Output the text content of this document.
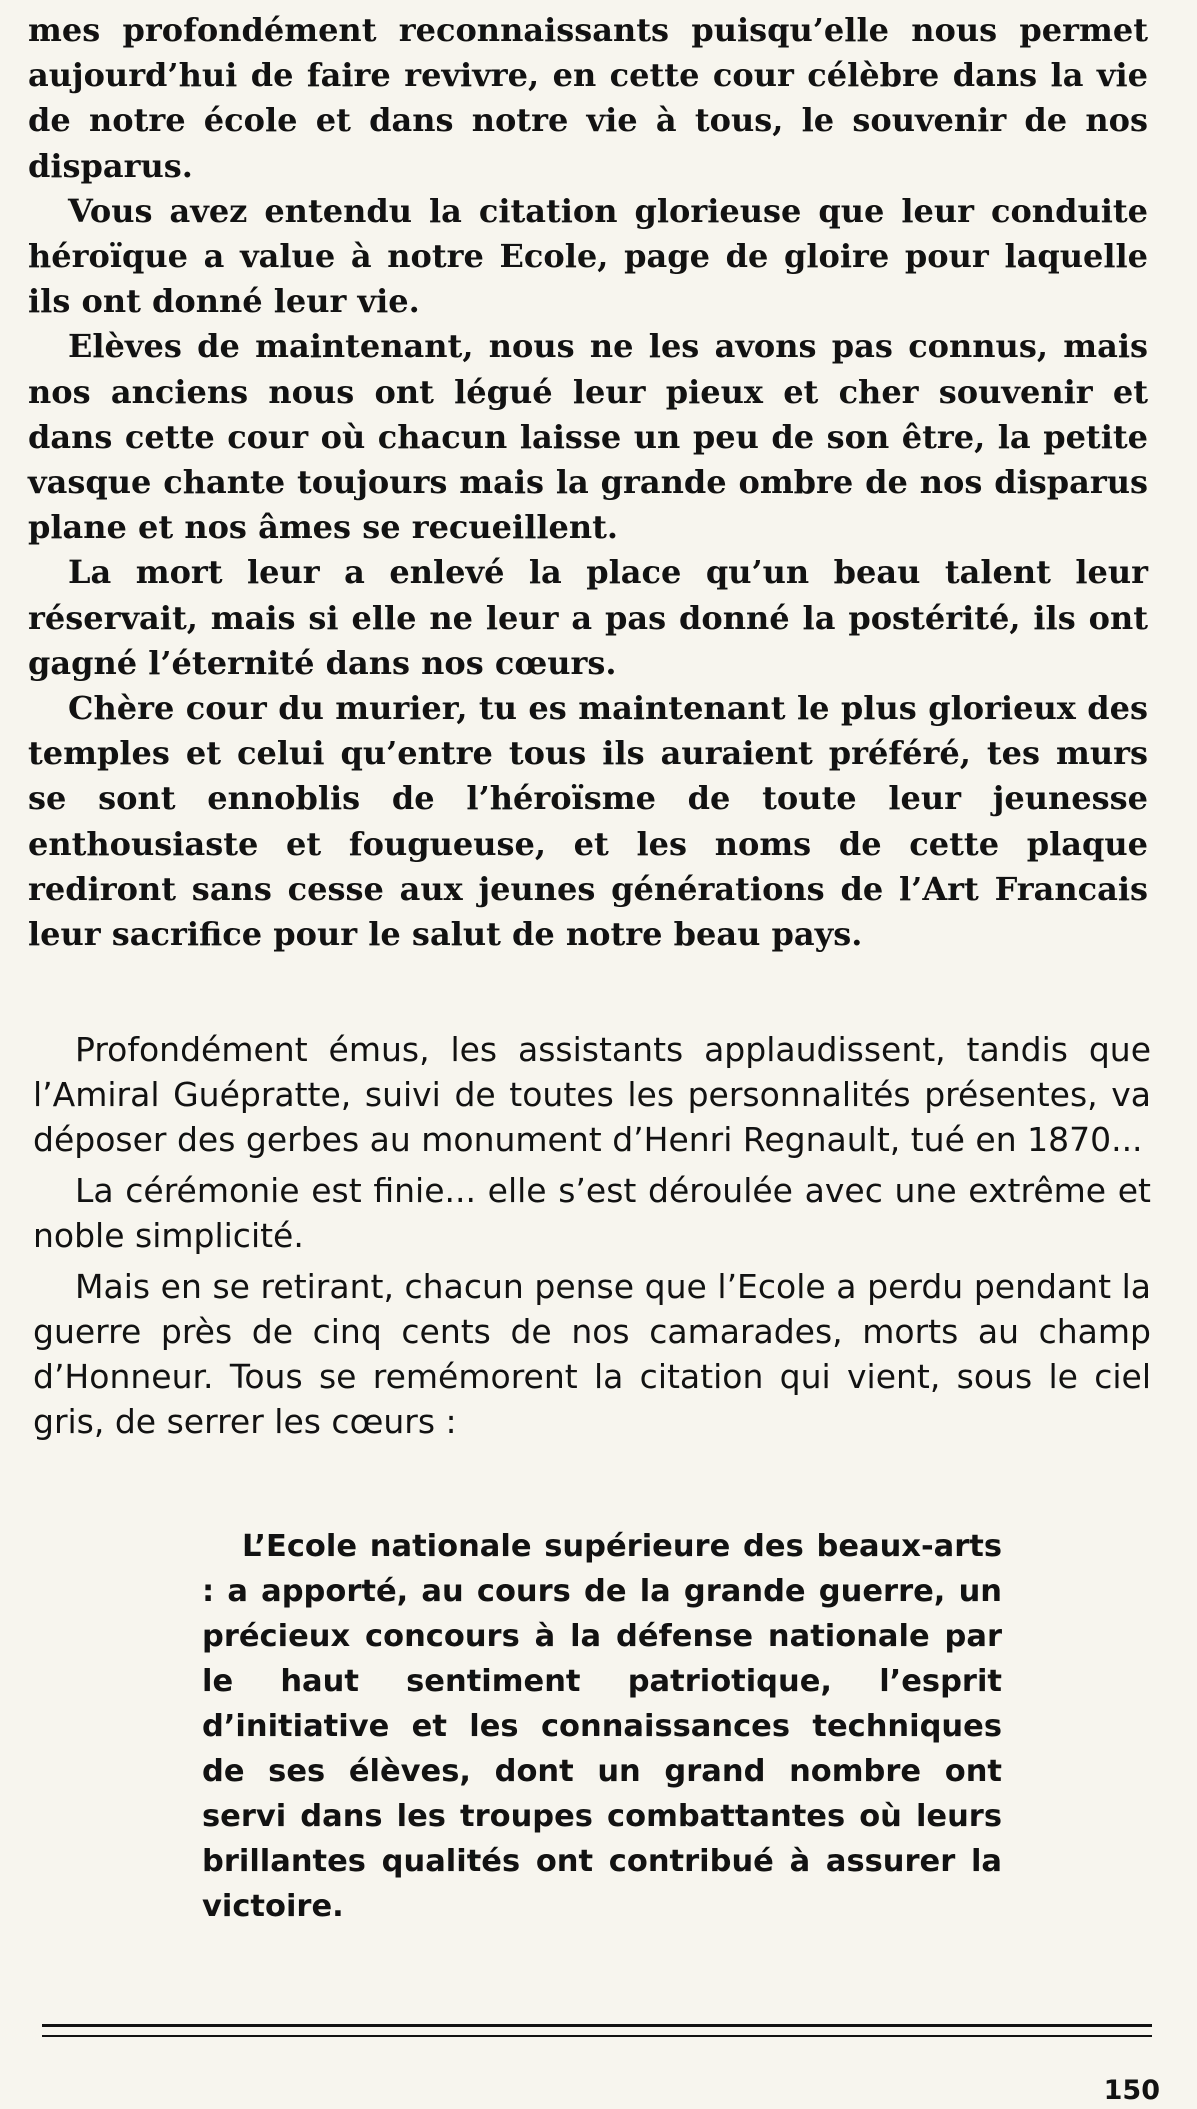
mes profondément reconnaissants puisqu’elle nous permet aujourd’hui de faire revivre, en cette cour célèbre dans la vie de notre école et dans notre vie à tous, le souvenir de nos disparus.

Vous avez entendu la citation glorieuse que leur conduite héroïque a value à notre Ecole, page de gloire pour laquelle ils ont donné leur vie.

Elèves de maintenant, nous ne les avons pas connus, mais nos anciens nous ont légué leur pieux et cher souvenir et dans cette cour où chacun laisse un peu de son être, la petite vasque chante toujours mais la grande ombre de nos disparus plane et nos âmes se recueillent.

La mort leur a enlevé la place qu’un beau talent leur réservait, mais si elle ne leur a pas donné la postérité, ils ont gagné l’éternité dans nos cœurs.

Chère cour du murier, tu es maintenant le plus glorieux des temples et celui qu’entre tous ils auraient préféré, tes murs se sont ennoblis de l’héroïsme de toute leur jeunesse enthousiaste et fougueuse, et les noms de cette plaque rediront sans cesse aux jeunes générations de l’Art Francais leur sacrifice pour le salut de notre beau pays.

Profondément émus, les assistants applaudissent, tandis que l’Amiral Guépratte, suivi de toutes les personnalités présentes, va déposer des gerbes au monument d’Henri Regnault, tué en 1870...

La cérémonie est finie... elle s’est déroulée avec une extrême et noble simplicité.

Mais en se retirant, chacun pense que l’Ecole a perdu pendant la guerre près de cinq cents de nos camarades, morts au champ d’Honneur. Tous se remémorent la citation qui vient, sous le ciel gris, de serrer les cœurs :

L’Ecole nationale supérieure des beaux-arts : a apporté, au cours de la grande guerre, un précieux concours à la défense nationale par le haut sentiment patriotique, l’esprit d’initiative et les connaissances techniques de ses élèves, dont un grand nombre ont servi dans les troupes combattantes où leurs brillantes qualités ont contribué à assurer la victoire.

150
